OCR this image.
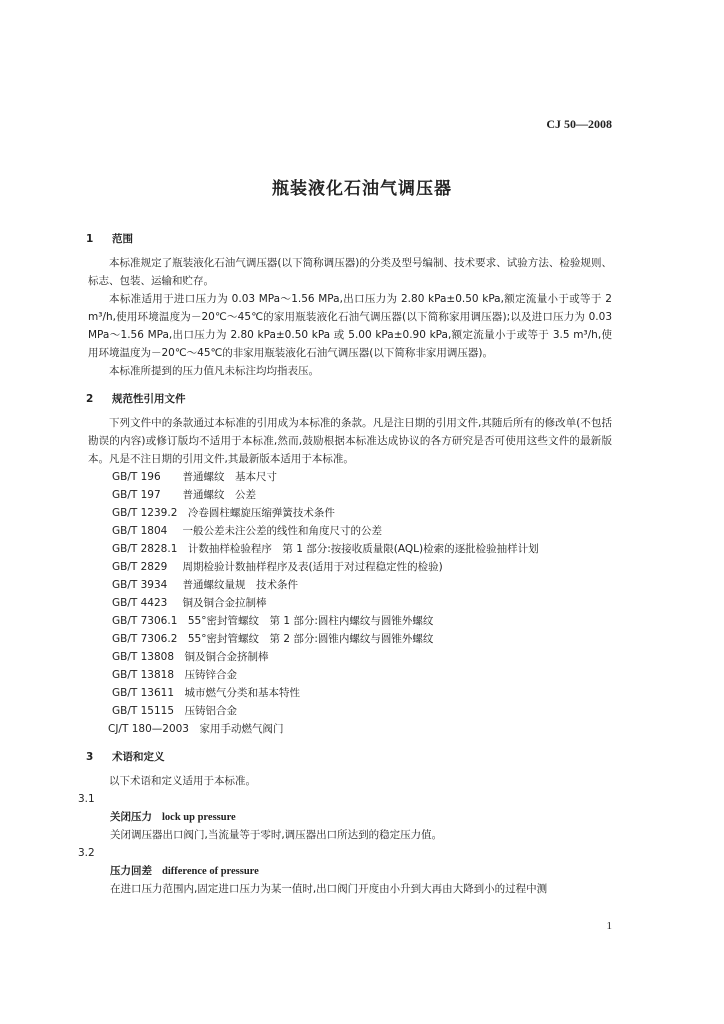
CJ 50—2008
瓶装液化石油气调压器
1 范围
本标准规定了瓶装液化石油气调压器(以下简称调压器)的分类及型号编制、技术要求、试验方法、检验规则、标志、包装、运输和贮存。
本标准适用于进口压力为 0.03 MPa～1.56 MPa,出口压力为 2.80 kPa±0.50 kPa,额定流量小于或等于 2 m³/h,使用环境温度为－20℃～45℃的家用瓶装液化石油气调压器(以下简称家用调压器);以及进口压力为 0.03 MPa～1.56 MPa,出口压力为 2.80 kPa±0.50 kPa 或 5.00 kPa±0.90 kPa,额定流量小于或等于 3.5 m³/h,使用环境温度为－20℃～45℃的非家用瓶装液化石油气调压器(以下简称非家用调压器)。
本标准所提到的压力值凡未标注均均指表压。
2 规范性引用文件
下列文件中的条款通过本标准的引用成为本标准的条款。凡是注日期的引用文件,其随后所有的修改单(不包括勘误的内容)或修订版均不适用于本标准,然而,鼓励根据本标准达成协议的各方研究是否可使用这些文件的最新版本。凡是不注日期的引用文件,其最新版本适用于本标准。
GB/T 196　 普通螺纹　基本尺寸
GB/T 197　 普通螺纹　公差
GB/T 1239.2　 冷卷圆柱螺旋压缩弹簧技术条件
GB/T 1804　 一般公差未注公差的线性和角度尺寸的公差
GB/T 2828.1　 计数抽样检验程序　第 1 部分:按接收质量限(AQL)检索的逐批检验抽样计划
GB/T 2829　 周期检验计数抽样程序及表(适用于对过程稳定性的检验)
GB/T 3934　 普通螺纹量规　技术条件
GB/T 4423　 铜及铜合金拉制棒
GB/T 7306.1　 55°密封管螺纹　第 1 部分:圆柱内螺纹与圆锥外螺纹
GB/T 7306.2　 55°密封管螺纹　第 2 部分:圆锥内螺纹与圆锥外螺纹
GB/T 13808　 铜及铜合金挤制棒
GB/T 13818　 压铸锌合金
GB/T 13611　 城市燃气分类和基本特性
GB/T 15115　 压铸铝合金
CJ/T 180—2003　 家用手动燃气阀门
3 术语和定义
以下术语和定义适用于本标准。
3.1
关闭压力 lock up pressure
关闭调压器出口阀门,当流量等于零时,调压器出口所达到的稳定压力值。
3.2
压力回差 difference of pressure
在进口压力范围内,固定进口压力为某一值时,出口阀门开度由小升到大再由大降到小的过程中测
1
